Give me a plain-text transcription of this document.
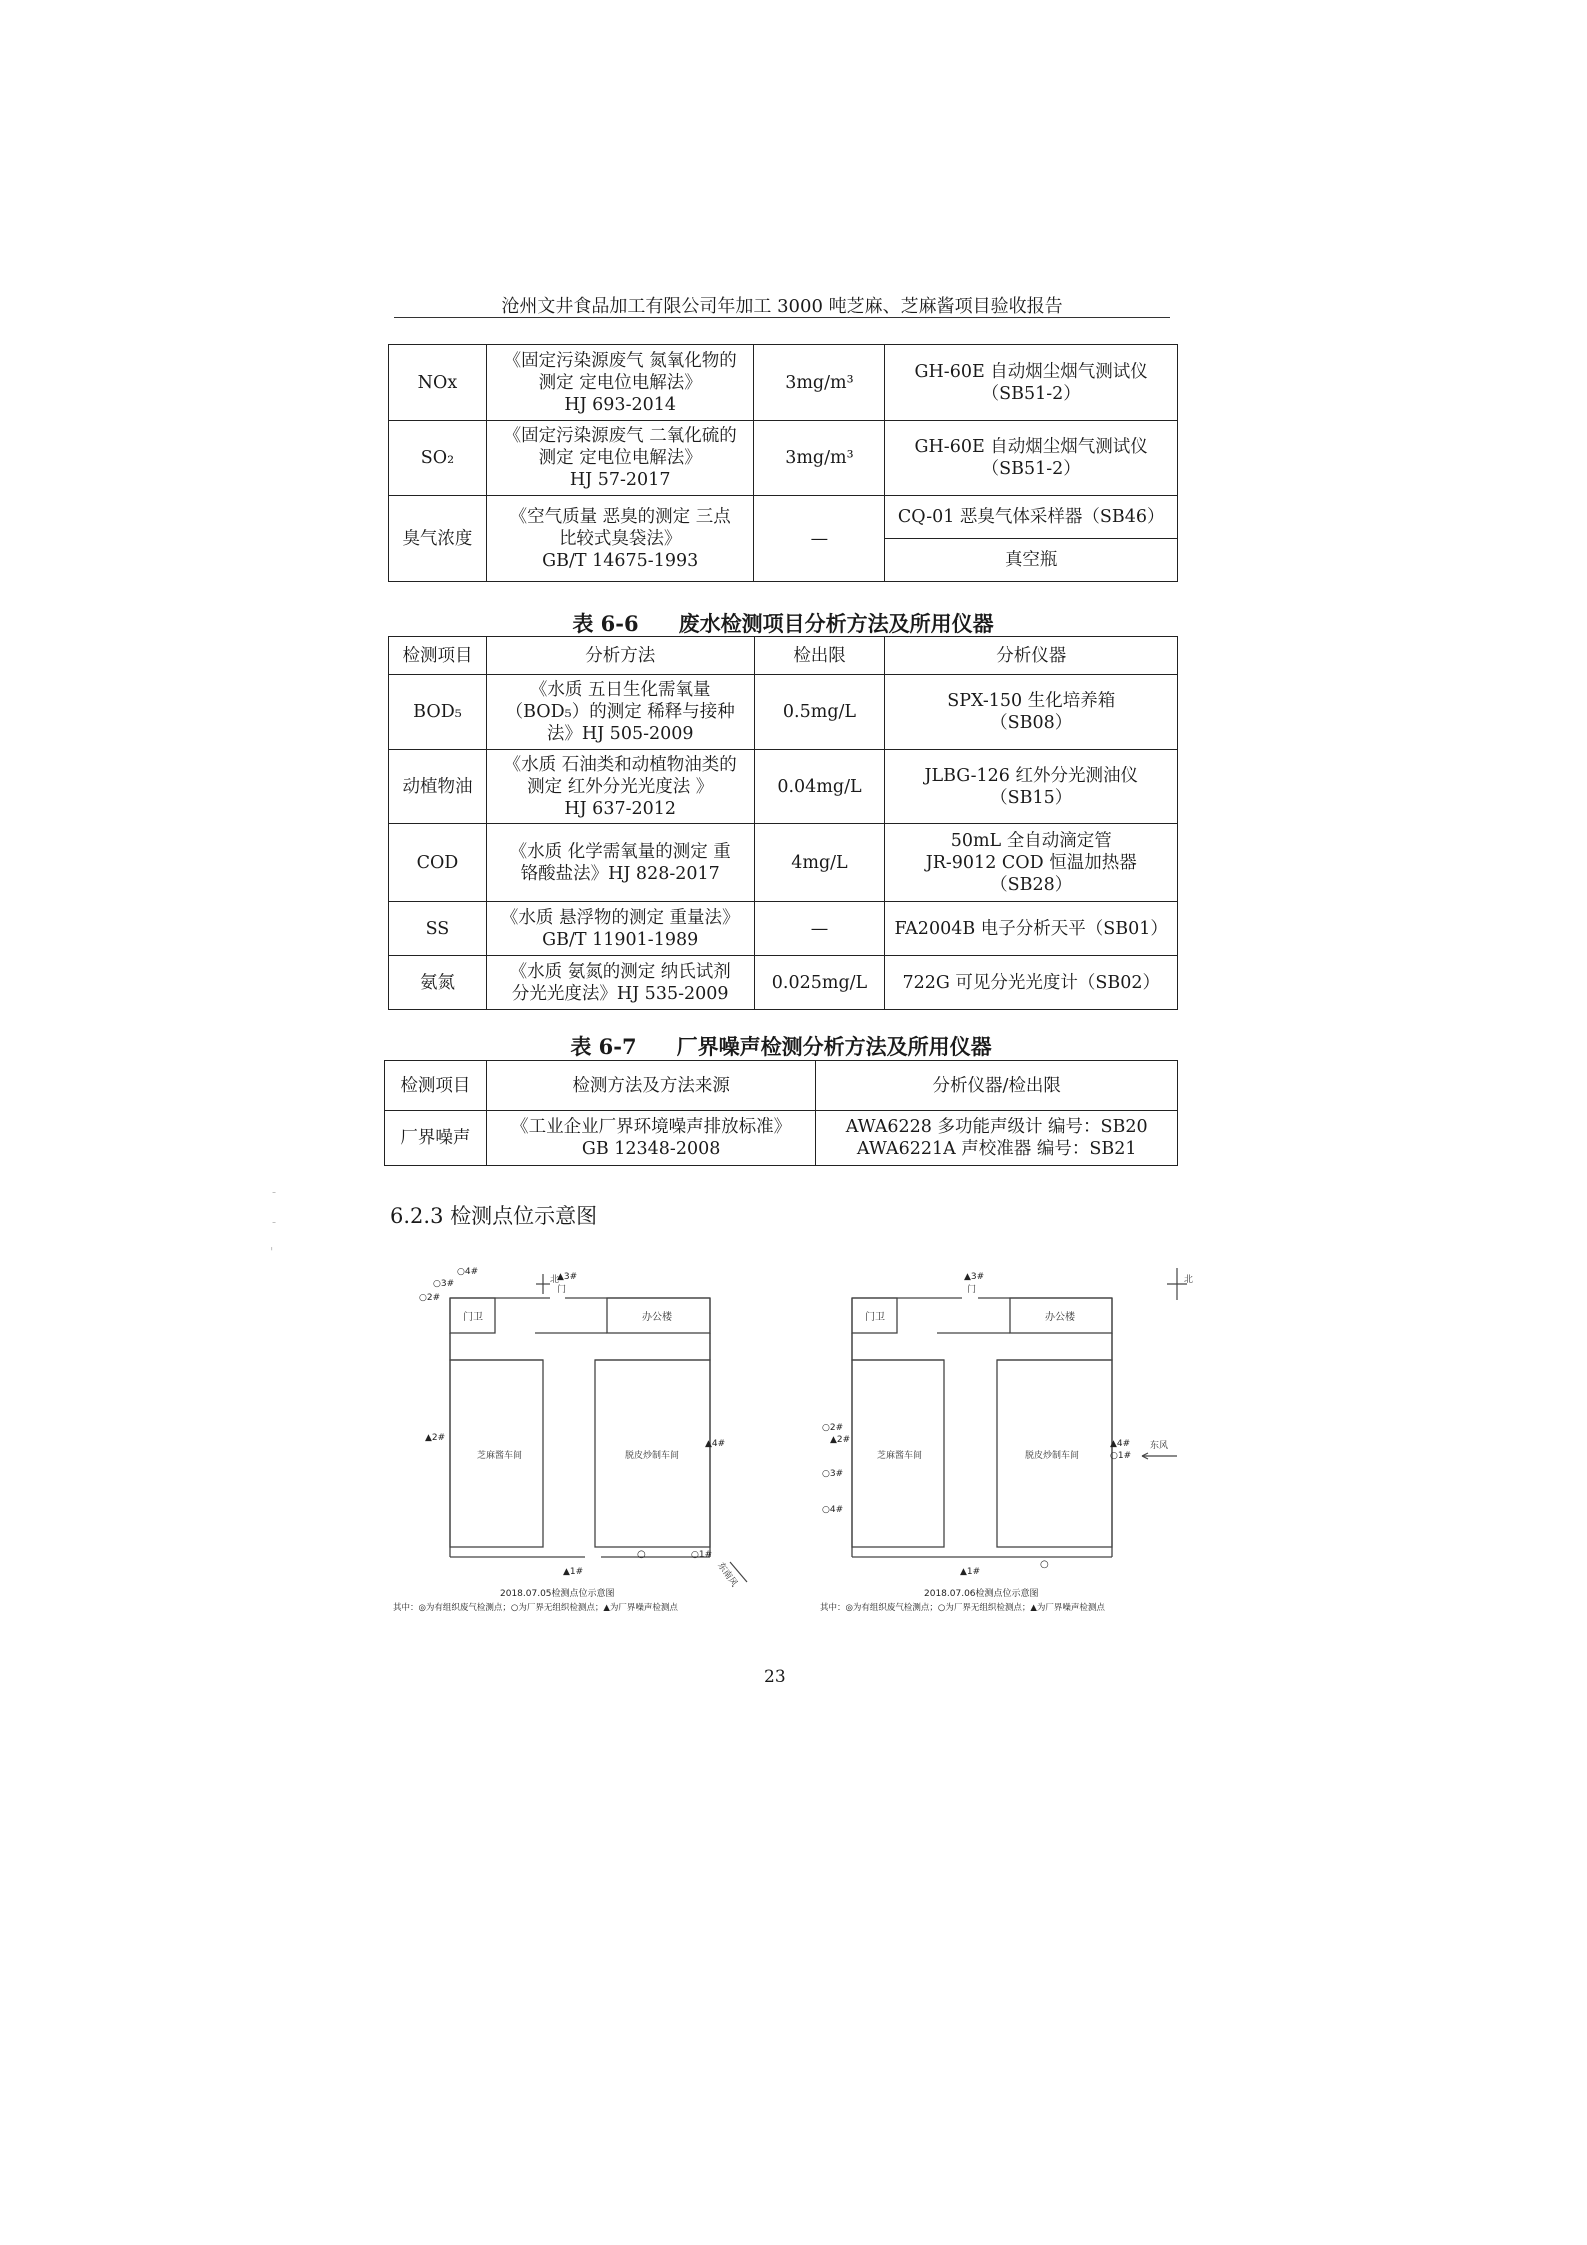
沧州文井食品加工有限公司年加工 3000 吨芝麻、芝麻酱项目验收报告
NOx	《固定污染源废气 氮氧化物的
测定 定电位电解法》
HJ 693-2014	3mg/m³	GH-60E 自动烟尘烟气测试仪
（SB51-2）

SO₂	《固定污染源废气 二氧化硫的
测定 定电位电解法》
HJ 57-2017	3mg/m³	GH-60E 自动烟尘烟气测试仪
（SB51-2）

臭气浓度	《空气质量 恶臭的测定 三点
比较式臭袋法》
GB/T 14675-1993	—	CQ-01 恶臭气体采样器（SB46）
			真空瓶
表 6-6 废水检测项目分析方法及所用仪器
检测项目	分析方法	检出限	分析仪器
BOD₅	《水质 五日生化需氧量
（BOD₅）的测定 稀释与接种
法》HJ 505-2009	0.5mg/L	SPX-150 生化培养箱
（SB08）

动植物油	《水质 石油类和动植物油类的
测定 红外分光光度法 》
HJ 637-2012	0.04mg/L	JLBG-126 红外分光测油仪
（SB15）

COD	《水质 化学需氧量的测定 重
铬酸盐法》HJ 828-2017	4mg/L	50mL 全自动滴定管
JR-9012 COD 恒温加热器
（SB28）

SS	《水质 悬浮物的测定 重量法》
GB/T 11901-1989	—	FA2004B 电子分析天平（SB01）
氨氮	《水质 氨氮的测定 纳氏试剂
分光光度法》HJ 535-2009	0.025mg/L	722G 可见分光光度计（SB02）
表 6-7 厂界噪声检测分析方法及所用仪器
检测项目	检测方法及方法来源	分析仪器/检出限
厂界噪声	《工业企业厂界环境噪声排放标准》
GB 12348-2008	AWA6228 多功能声级计 编号：SB20
AWA6221A 声校准器 编号：SB21
6.2.3 检测点位示意图
门
门卫	办公楼
芝麻酱车间	脱皮炒制车间
▲3#
○3#
○4#
○2#
▲2#
▲4#
▲1#
○1#
○
北
东南风
2018.07.05检测点位示意图
其中：◎为有组织废气检测点；○为厂界无组织检测点；▲为厂界噪声检测点
门
门卫	办公楼
芝麻酱车间	脱皮炒制车间
▲3#
○2#
▲2#
○3#
○4#
▲4#
○1#
▲1#
○
北
东风
2018.07.06检测点位示意图
其中：◎为有组织废气检测点；○为厂界无组织检测点；▲为厂界噪声检测点
23
-
-
'
